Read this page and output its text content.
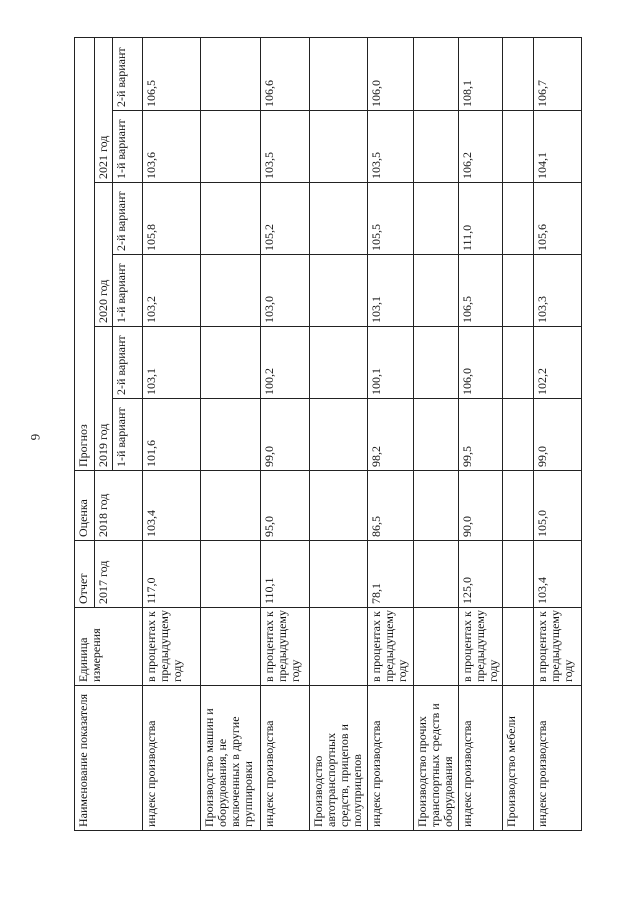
6
Наименование показателя	Единица измерения	Отчет	Оценка	Прогноз					
		2017 год	2018 год	2019 год		2020 год		2021 год	
				1-й вариант	2-й вариант	1-й вариант	2-й вариант	1-й вариант	2-й вариант

индекс производства	в процентах к предыдущему году	117,0	103,4	101,6	103,1	103,2	105,8	103,6	106,5
Производство машин и оборудования, не включенных в другие группировки									
индекс производства	в процентах к предыдущему году	110,1	95,0	99,0	100,2	103,0	105,2	103,5	106,6
Производство автотранспортных средств, прицепов и полуприцепов									
индекс производства	в процентах к предыдущему году	78,1	86,5	98,2	100,1	103,1	105,5	103,5	106,0
Производство прочих транспортных средств и оборудования									
индекс производства	в процентах к предыдущему году	125,0	90,0	99,5	106,0	106,5	111,0	106,2	108,1
Производство мебели									
индекс производства	в процентах к предыдущему году	103,4	105,0	99,0	102,2	103,3	105,6	104,1	106,7
